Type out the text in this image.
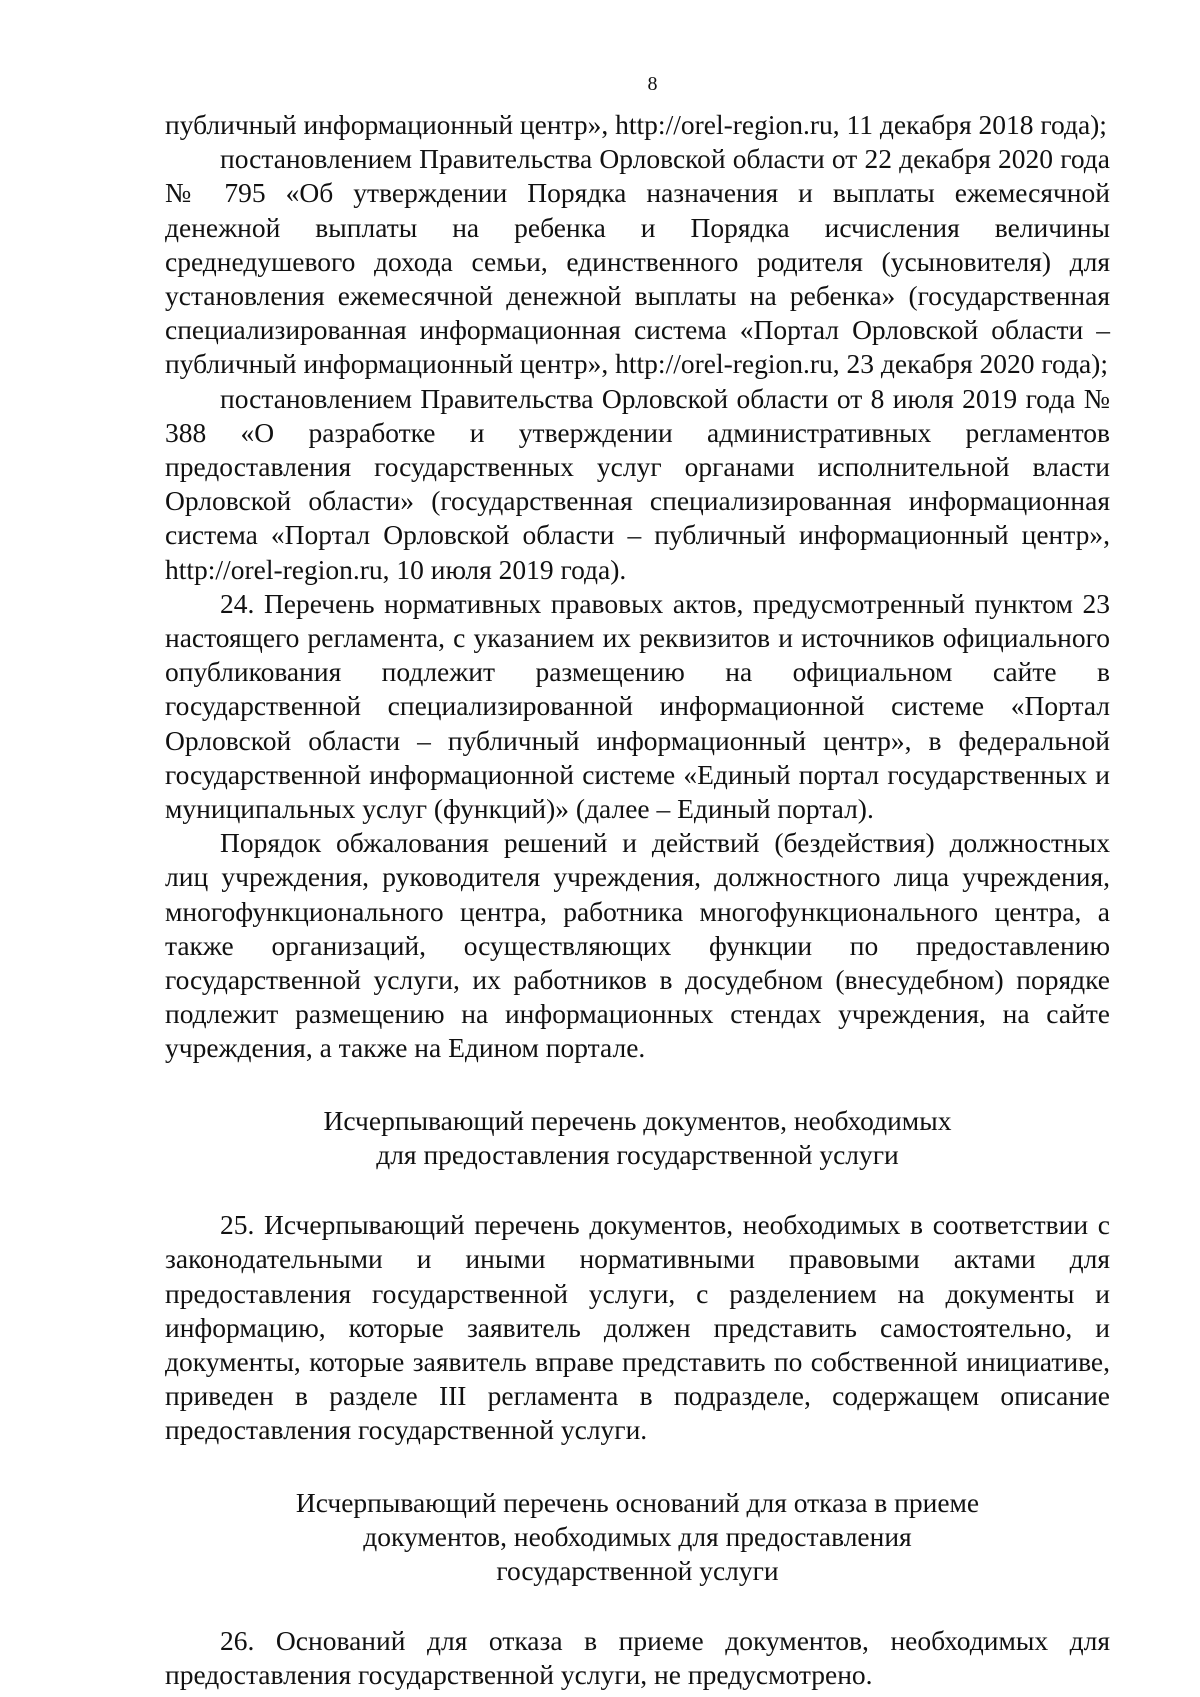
8

публичный информационный центр», http://orel-region.ru, 11 декабря 2018 года);

постановлением Правительства Орловской области от 22 декабря 2020 года № 795 «Об утверждении Порядка назначения и выплаты ежемесячной денежной выплаты на ребенка и Порядка исчисления величины среднедушевого дохода семьи, единственного родителя (усыновителя) для установления ежемесячной денежной выплаты на ребенка» (государственная специализированная информационная система «Портал Орловской области – публичный информационный центр», http://orel-region.ru, 23 декабря 2020 года);

постановлением Правительства Орловской области от 8 июля 2019 года № 388 «О разработке и утверждении административных регламентов предоставления государственных услуг органами исполнительной власти Орловской области» (государственная специализированная информационная система «Портал Орловской области – публичный информационный центр», http://orel-region.ru, 10 июля 2019 года).

24. Перечень нормативных правовых актов, предусмотренный пунктом 23 настоящего регламента, с указанием их реквизитов и источников официального опубликования подлежит размещению на официальном сайте в государственной специализированной информационной системе «Портал Орловской области – публичный информационный центр», в федеральной государственной информационной системе «Единый портал государственных и муниципальных услуг (функций)» (далее – Единый портал).

Порядок обжалования решений и действий (бездействия) должностных лиц учреждения, руководителя учреждения, должностного лица учреждения, многофункционального центра, работника многофункционального центра, а также организаций, осуществляющих функции по предоставлению государственной услуги, их работников в досудебном (внесудебном) порядке подлежит размещению на информационных стендах учреждения, на сайте учреждения, а также на Едином портале.

Исчерпывающий перечень документов, необходимых
для предоставления государственной услуги

25. Исчерпывающий перечень документов, необходимых в соответствии с законодательными и иными нормативными правовыми актами для предоставления государственной услуги, с разделением на документы и информацию, которые заявитель должен представить самостоятельно, и документы, которые заявитель вправе представить по собственной инициативе, приведен в разделе III регламента в подразделе, содержащем описание предоставления государственной услуги.

Исчерпывающий перечень оснований для отказа в приеме
документов, необходимых для предоставления
государственной услуги

26. Оснований для отказа в приеме документов, необходимых для предоставления государственной услуги, не предусмотрено.
